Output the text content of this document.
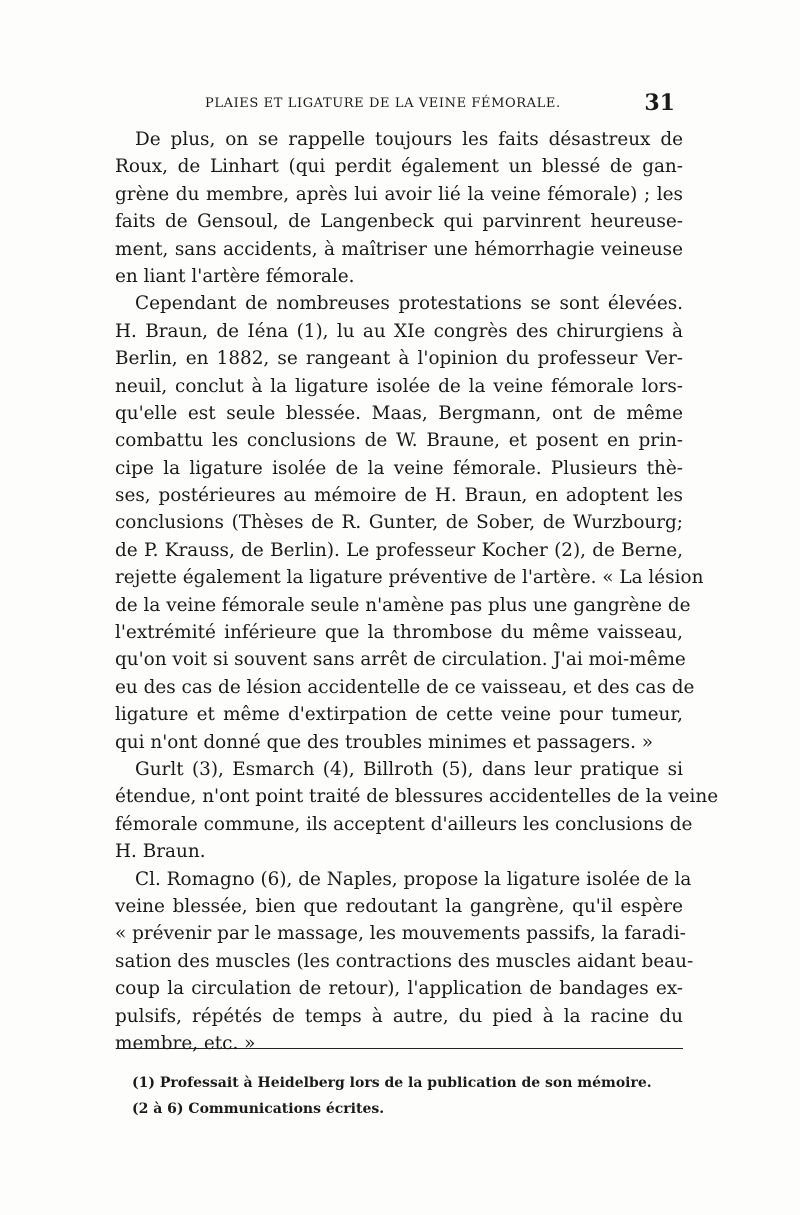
PLAIES ET LIGATURE DE LA VEINE FÉMORALE.	31
De plus, on se rappelle toujours les faits désastreux de
Roux, de Linhart (qui perdit également un blessé de gan-
grène du membre, après lui avoir lié la veine fémorale) ; les
faits de Gensoul, de Langenbeck qui parvinrent heureuse-
ment, sans accidents, à maîtriser une hémorrhagie veineuse
en liant l'artère fémorale.
Cependant de nombreuses protestations se sont élevées.
H. Braun, de Iéna (1), lu au XIe congrès des chirurgiens à
Berlin, en 1882, se rangeant à l'opinion du professeur Ver-
neuil, conclut à la ligature isolée de la veine fémorale lors-
qu'elle est seule blessée. Maas, Bergmann, ont de même
combattu les conclusions de W. Braune, et posent en prin-
cipe la ligature isolée de la veine fémorale. Plusieurs thè-
ses, postérieures au mémoire de H. Braun, en adoptent les
conclusions (Thèses de R. Gunter, de Sober, de Wurzbourg;
de P. Krauss, de Berlin). Le professeur Kocher (2), de Berne,
rejette également la ligature préventive de l'artère. « La lésion
de la veine fémorale seule n'amène pas plus une gangrène de
l'extrémité inférieure que la thrombose du même vaisseau,
qu'on voit si souvent sans arrêt de circulation. J'ai moi-même
eu des cas de lésion accidentelle de ce vaisseau, et des cas de
ligature et même d'extirpation de cette veine pour tumeur,
qui n'ont donné que des troubles minimes et passagers. »
Gurlt (3), Esmarch (4), Billroth (5), dans leur pratique si
étendue, n'ont point traité de blessures accidentelles de la veine
fémorale commune, ils acceptent d'ailleurs les conclusions de
H. Braun.
Cl. Romagno (6), de Naples, propose la ligature isolée de la
veine blessée, bien que redoutant la gangrène, qu'il espère
« prévenir par le massage, les mouvements passifs, la faradi-
sation des muscles (les contractions des muscles aidant beau-
coup la circulation de retour), l'application de bandages ex-
pulsifs, répétés de temps à autre, du pied à la racine du
membre, etc. »
(1) Professait à Heidelberg lors de la publication de son mémoire.
(2 à 6) Communications écrites.
